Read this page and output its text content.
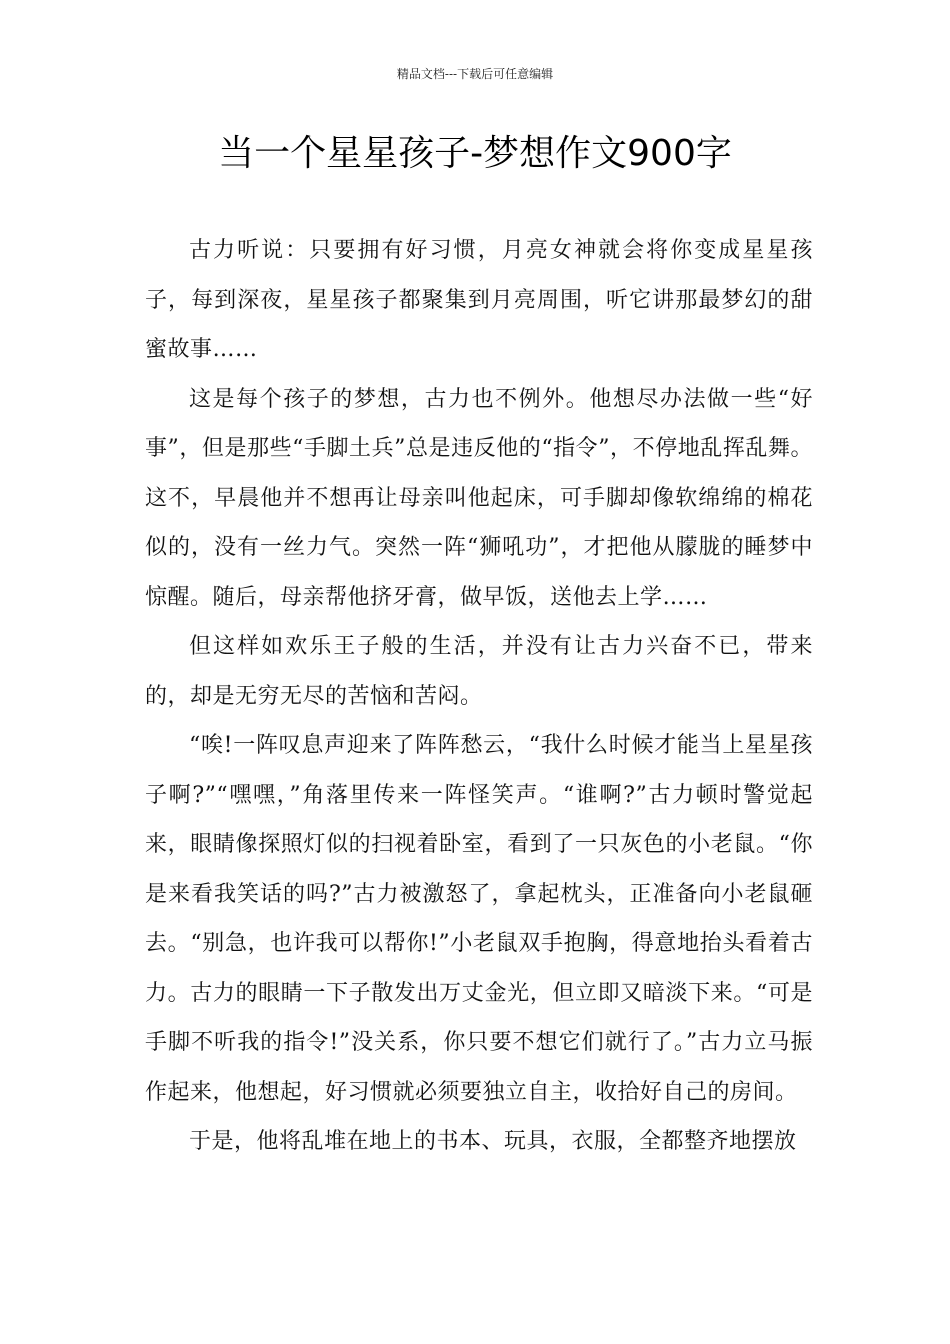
精品文档---下载后可任意编辑
当一个星星孩子-梦想作文900字

古力听说：只要拥有好习惯，月亮女神就会将你变成星星孩子，每到深夜，星星孩子都聚集到月亮周围，听它讲那最梦幻的甜蜜故事……

这是每个孩子的梦想，古力也不例外。他想尽办法做一些“好事”，但是那些“手脚土兵”总是违反他的“指令”，不停地乱挥乱舞。这不，早晨他并不想再让母亲叫他起床，可手脚却像软绵绵的棉花似的，没有一丝力气。突然一阵“狮吼功”，才把他从朦胧的睡梦中惊醒。随后，母亲帮他挤牙膏，做早饭，送他去上学……

但这样如欢乐王子般的生活，并没有让古力兴奋不已，带来的，却是无穷无尽的苦恼和苦闷。

“唉!一阵叹息声迎来了阵阵愁云，“我什么时候才能当上星星孩子啊?”“嘿嘿，”角落里传来一阵怪笑声。“谁啊?”古力顿时警觉起来，眼睛像探照灯似的扫视着卧室，看到了一只灰色的小老鼠。“你是来看我笑话的吗?”古力被激怒了，拿起枕头，正准备向小老鼠砸去。“别急，也许我可以帮你!”小老鼠双手抱胸，得意地抬头看着古力。古力的眼睛一下子散发出万丈金光，但立即又暗淡下来。“可是手脚不听我的指令!”没关系，你只要不想它们就行了。”古力立马振作起来，他想起，好习惯就必须要独立自主，收拾好自己的房间。

于是，他将乱堆在地上的书本、玩具，衣服，全都整齐地摆放
